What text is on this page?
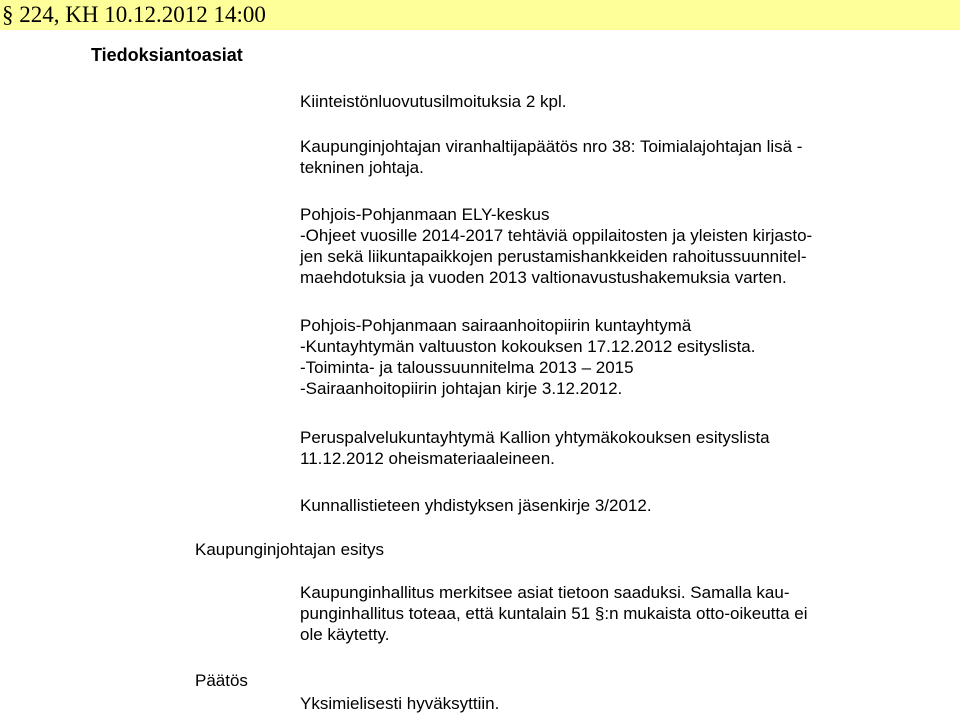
§ 224, KH 10.12.2012 14:00
Tiedoksiantoasiat
Kiinteistönluovutusilmoituksia 2 kpl.
Kaupunginjohtajan viranhaltijapäätös nro 38: Toimialajohtajan lisä -
tekninen johtaja.
Pohjois-Pohjanmaan ELY-keskus
-Ohjeet vuosille 2014-2017 tehtäviä oppilaitosten ja yleisten kirjasto-
jen sekä liikuntapaikkojen perustamishankkeiden rahoitussuunnitel-
maehdotuksia ja vuoden 2013 valtionavustushakemuksia varten.
Pohjois-Pohjanmaan sairaanhoitopiirin kuntayhtymä
-Kuntayhtymän valtuuston kokouksen 17.12.2012 esityslista.
-Toiminta- ja taloussuunnitelma 2013 – 2015
-Sairaanhoitopiirin johtajan kirje 3.12.2012.
Peruspalvelukuntayhtymä Kallion yhtymäkokouksen esityslista
11.12.2012 oheismateriaaleineen.
Kunnallistieteen yhdistyksen jäsenkirje 3/2012.
Kaupunginjohtajan esitys
Kaupunginhallitus merkitsee asiat tietoon saaduksi. Samalla kau-
punginhallitus toteaa, että kuntalain 51 §:n mukaista otto-oikeutta ei
ole käytetty.
Päätös
Yksimielisesti hyväksyttiin.
